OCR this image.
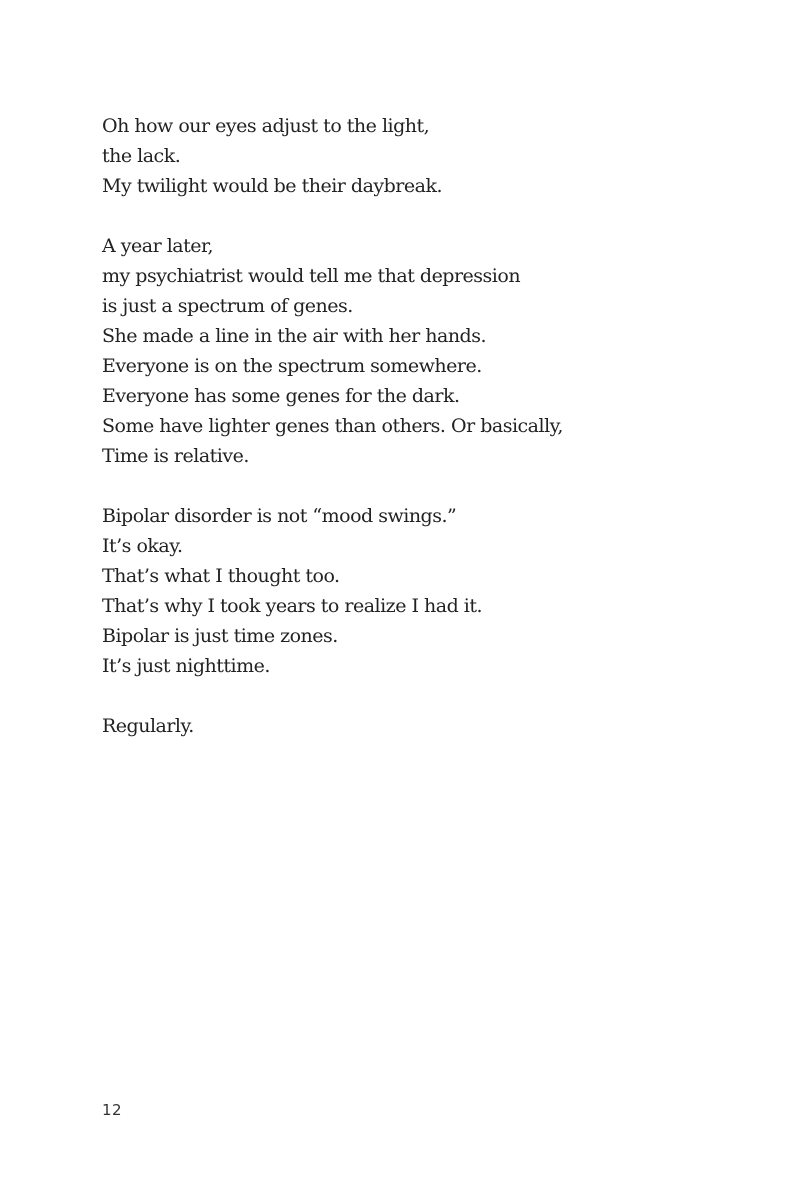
Oh how our eyes adjust to the light,
the lack.
My twilight would be their daybreak.
A year later,
my psychiatrist would tell me that depression
is just a spectrum of genes.
She made a line in the air with her hands.
Everyone is on the spectrum somewhere.
Everyone has some genes for the dark.
Some have lighter genes than others. Or basically,
Time is relative.
Bipolar disorder is not “mood swings.”
It’s okay.
That’s what I thought too.
That’s why I took years to realize I had it.
Bipolar is just time zones.
It’s just nighttime.
Regularly.
12
